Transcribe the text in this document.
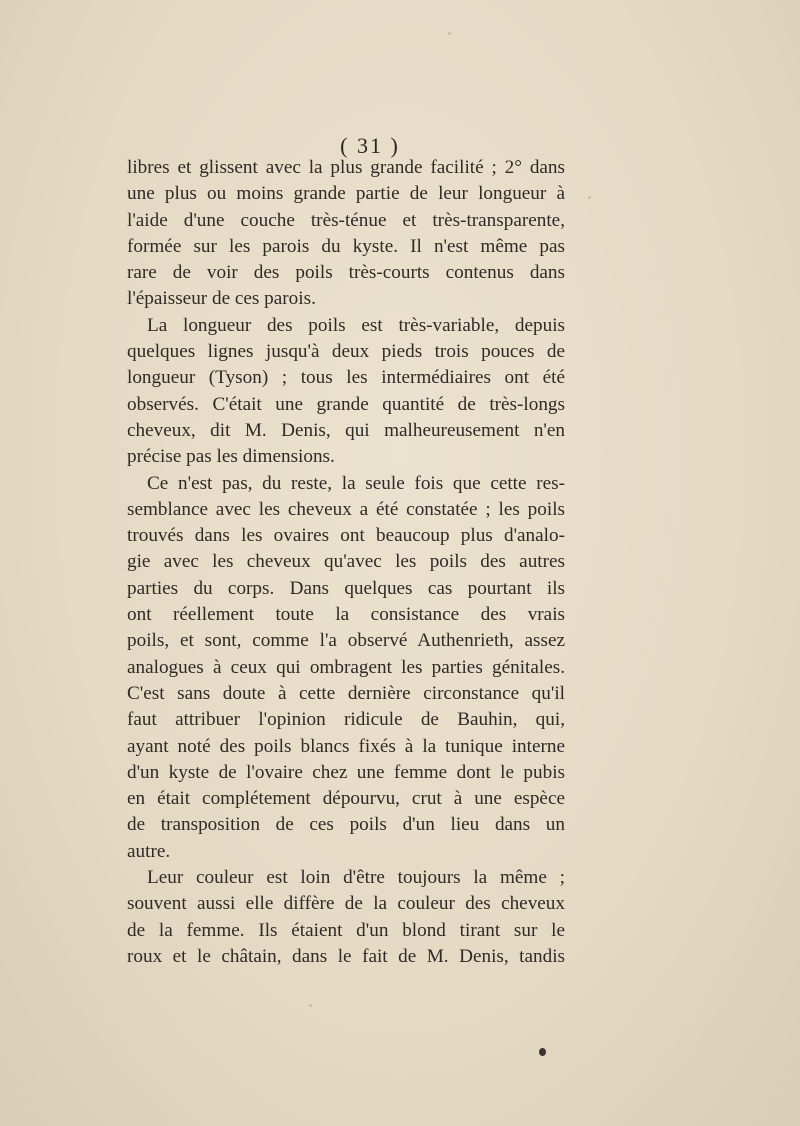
( 31 )
libres et glissent avec la plus grande facilité ; 2° dans
une plus ou moins grande partie de leur longueur à
l'aide d'une couche très-ténue et très-transparente,
formée sur les parois du kyste. Il n'est même pas
rare de voir des poils très-courts contenus dans
l'épaisseur de ces parois.
La longueur des poils est très-variable, depuis
quelques lignes jusqu'à deux pieds trois pouces de
longueur (Tyson) ; tous les intermédiaires ont été
observés. C'était une grande quantité de très-longs
cheveux, dit M. Denis, qui malheureusement n'en
précise pas les dimensions.
Ce n'est pas, du reste, la seule fois que cette res-
semblance avec les cheveux a été constatée ; les poils
trouvés dans les ovaires ont beaucoup plus d'analo-
gie avec les cheveux qu'avec les poils des autres
parties du corps. Dans quelques cas pourtant ils
ont réellement toute la consistance des vrais
poils, et sont, comme l'a observé Authenrieth, assez
analogues à ceux qui ombragent les parties génitales.
C'est sans doute à cette dernière circonstance qu'il
faut attribuer l'opinion ridicule de Bauhin, qui,
ayant noté des poils blancs fixés à la tunique interne
d'un kyste de l'ovaire chez une femme dont le pubis
en était complétement dépourvu, crut à une espèce
de transposition de ces poils d'un lieu dans un
autre.
Leur couleur est loin d'être toujours la même ;
souvent aussi elle diffère de la couleur des cheveux
de la femme. Ils étaient d'un blond tirant sur le
roux et le châtain, dans le fait de M. Denis, tandis
